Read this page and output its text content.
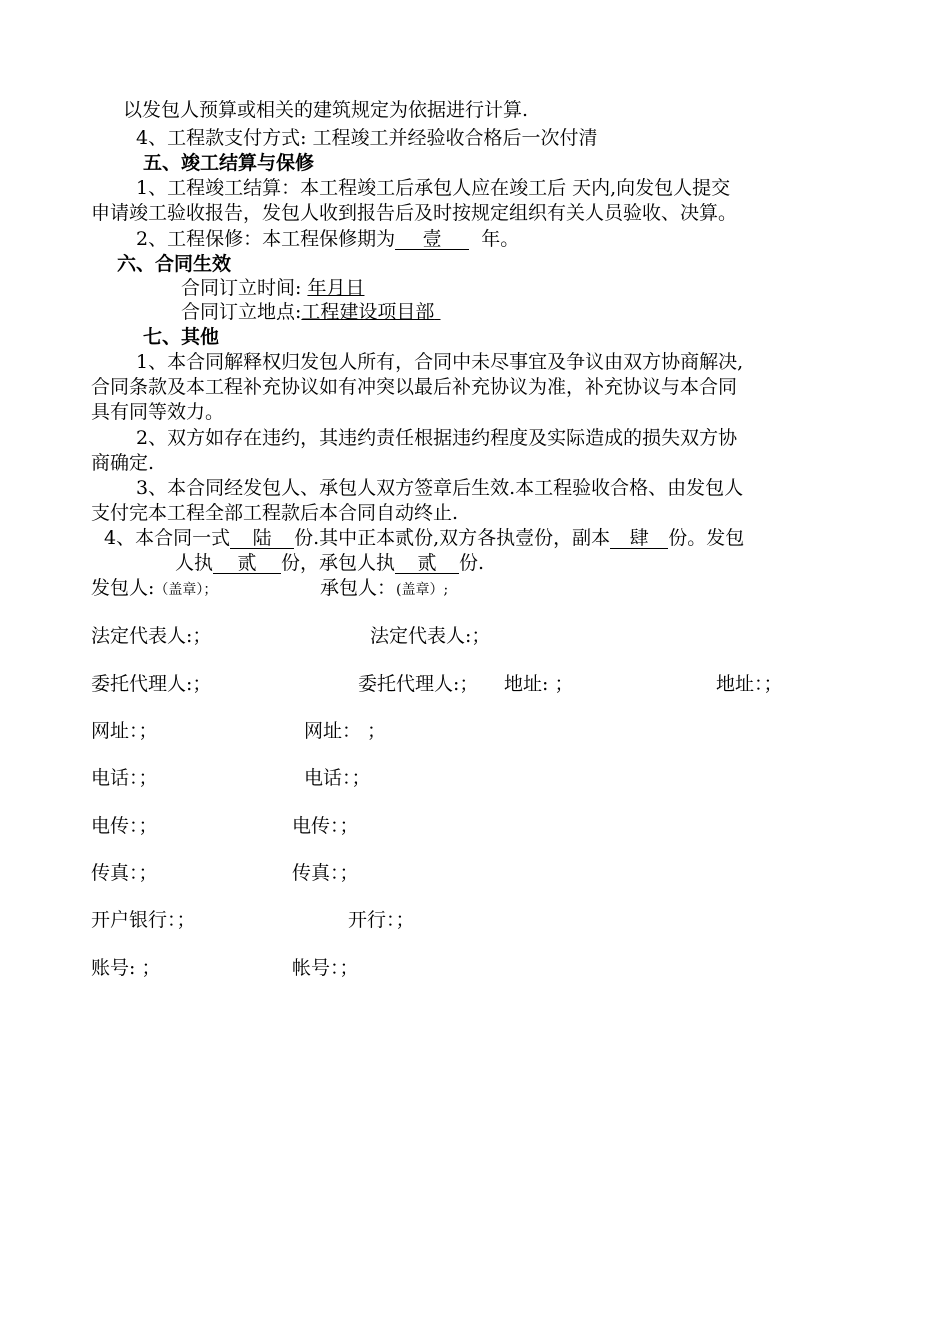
以发包人预算或相关的建筑规定为依据进行计算.
4、工程款支付方式: 工程竣工并经验收合格后一次付清
五、竣工结算与保修
1、工程竣工结算：本工程竣工后承包人应在竣工后 天内,向发包人提交
申请竣工验收报告，发包人收到报告后及时按规定组织有关人员验收、决算。
2、工程保修：本工程保修期为 壹 年。
六、合同生效
合同订立时间: 年月日
合同订立地点:工程建设项目部
七、其他
1、本合同解释权归发包人所有，合同中未尽事宜及争议由双方协商解决,
合同条款及本工程补充协议如有冲突以最后补充协议为准，补充协议与本合同
具有同等效力。
2、双方如存在违约，其违约责任根据违约程度及实际造成的损失双方协
商确定.
3、本合同经发包人、承包人双方签章后生效.本工程验收合格、由发包人
支付完本工程全部工程款后本合同自动终止.
4、本合同一式 陆 份.其中正本贰份,双方各执壹份，副本 肆 份。发包
人执 贰 份，承包人执 贰 份.
发包人:（盖章）；	承包人：(盖章）;
法定代表人:；	法定代表人:；
委托代理人:；	委托代理人:； 地址: ；	地址：；
网址：；	网址： ；
电话：；	电话：；
电传：；	电传：；
传真：；	传真：；
开户银行：；	开行：；
账号: ；	帐号：；
